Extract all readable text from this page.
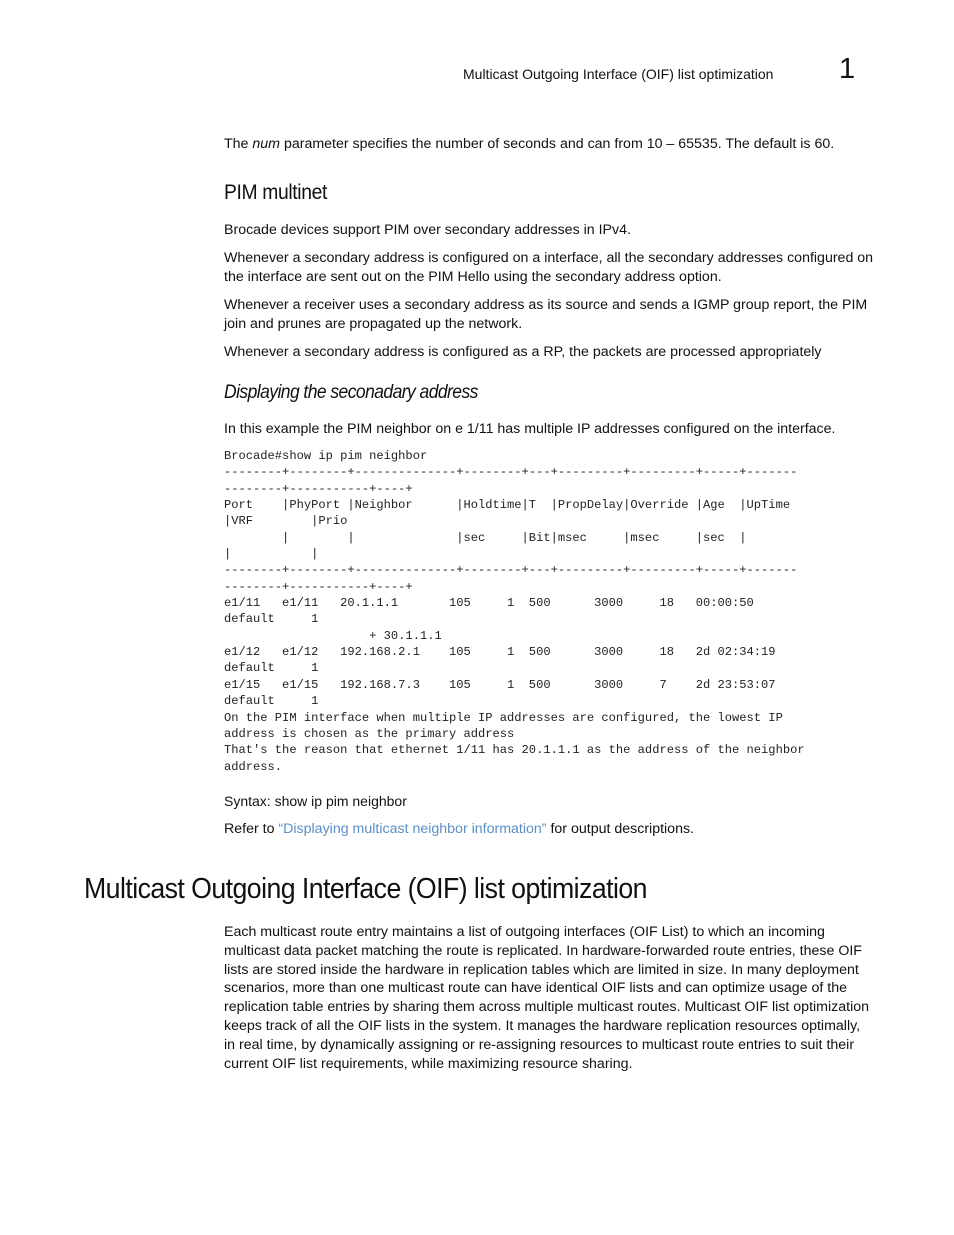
Multicast Outgoing Interface (OIF) list optimization 1

The num parameter specifies the number of seconds and can from 10 – 65535. The default is 60.

PIM multinet

Brocade devices support PIM over secondary addresses in IPv4.

Whenever a secondary address is configured on a interface, all the secondary addresses configured on the interface are sent out on the PIM Hello using the secondary address option.

Whenever a receiver uses a secondary address as its source and sends a IGMP group report, the PIM join and prunes are propagated up the network.

Whenever a secondary address is configured as a RP, the packets are processed appropriately

Displaying the seconadary address

In this example the PIM neighbor on e 1/11 has multiple IP addresses configured on the interface.

Brocade#show ip pim neighbor
--------+--------+--------------+--------+---+---------+---------+-----+-------
--------+-----------+----+
Port    |PhyPort |Neighbor      |Holdtime|T  |PropDelay|Override |Age  |UpTime
|VRF        |Prio
|        |              |sec     |Bit|msec     |msec     |sec  |
|           |
--------+--------+--------------+--------+---+---------+---------+-----+-------
--------+-----------+----+
e1/11   e1/11   20.1.1.1       105     1  500      3000     18   00:00:50
default     1
+ 30.1.1.1
e1/12   e1/12   192.168.2.1    105     1  500      3000     18   2d 02:34:19
default     1
e1/15   e1/15   192.168.7.3    105     1  500      3000     7    2d 23:53:07
default     1
On the PIM interface when multiple IP addresses are configured, the lowest IP
address is chosen as the primary address
That's the reason that ethernet 1/11 has 20.1.1.1 as the address of the neighbor
address.

Syntax: show ip pim neighbor

Refer to “Displaying multicast neighbor information” for output descriptions.

Multicast Outgoing Interface (OIF) list optimization

Each multicast route entry maintains a list of outgoing interfaces (OIF List) to which an incoming multicast data packet matching the route is replicated. In hardware-forwarded route entries, these OIF lists are stored inside the hardware in replication tables which are limited in size. In many deployment scenarios, more than one multicast route can have identical OIF lists and can optimize usage of the replication table entries by sharing them across multiple multicast routes. Multicast OIF list optimization keeps track of all the OIF lists in the system. It manages the hardware replication resources optimally, in real time, by dynamically assigning or re-assigning resources to multicast route entries to suit their current OIF list requirements, while maximizing resource sharing.
